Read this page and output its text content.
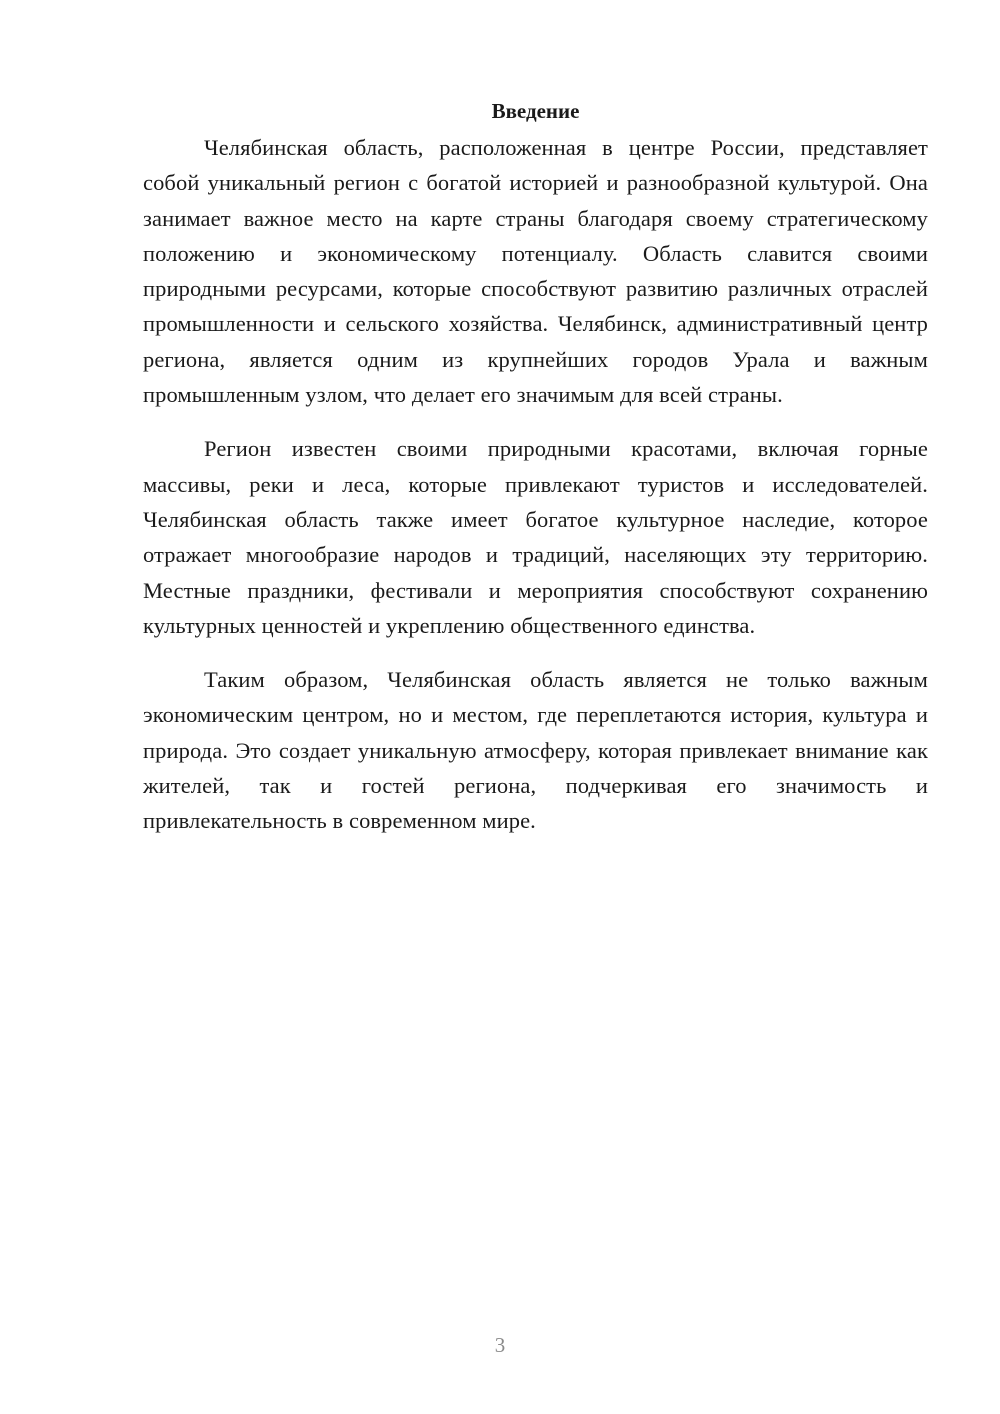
Введение

Челябинская область, расположенная в центре России, представляет собой уникальный регион с богатой историей и разнообразной культурой. Она занимает важное место на карте страны благодаря своему стратегическому положению и экономическому потенциалу. Область славится своими природными ресурсами, которые способствуют развитию различных отраслей промышленности и сельского хозяйства. Челябинск, административный центр региона, является одним из крупнейших городов Урала и важным промышленным узлом, что делает его значимым для всей страны.

Регион известен своими природными красотами, включая горные массивы, реки и леса, которые привлекают туристов и исследователей. Челябинская область также имеет богатое культурное наследие, которое отражает многообразие народов и традиций, населяющих эту территорию. Местные праздники, фестивали и мероприятия способствуют сохранению культурных ценностей и укреплению общественного единства.

Таким образом, Челябинская область является не только важным экономическим центром, но и местом, где переплетаются история, культура и природа. Это создает уникальную атмосферу, которая привлекает внимание как жителей, так и гостей региона, подчеркивая его значимость и привлекательность в современном мире.

3
